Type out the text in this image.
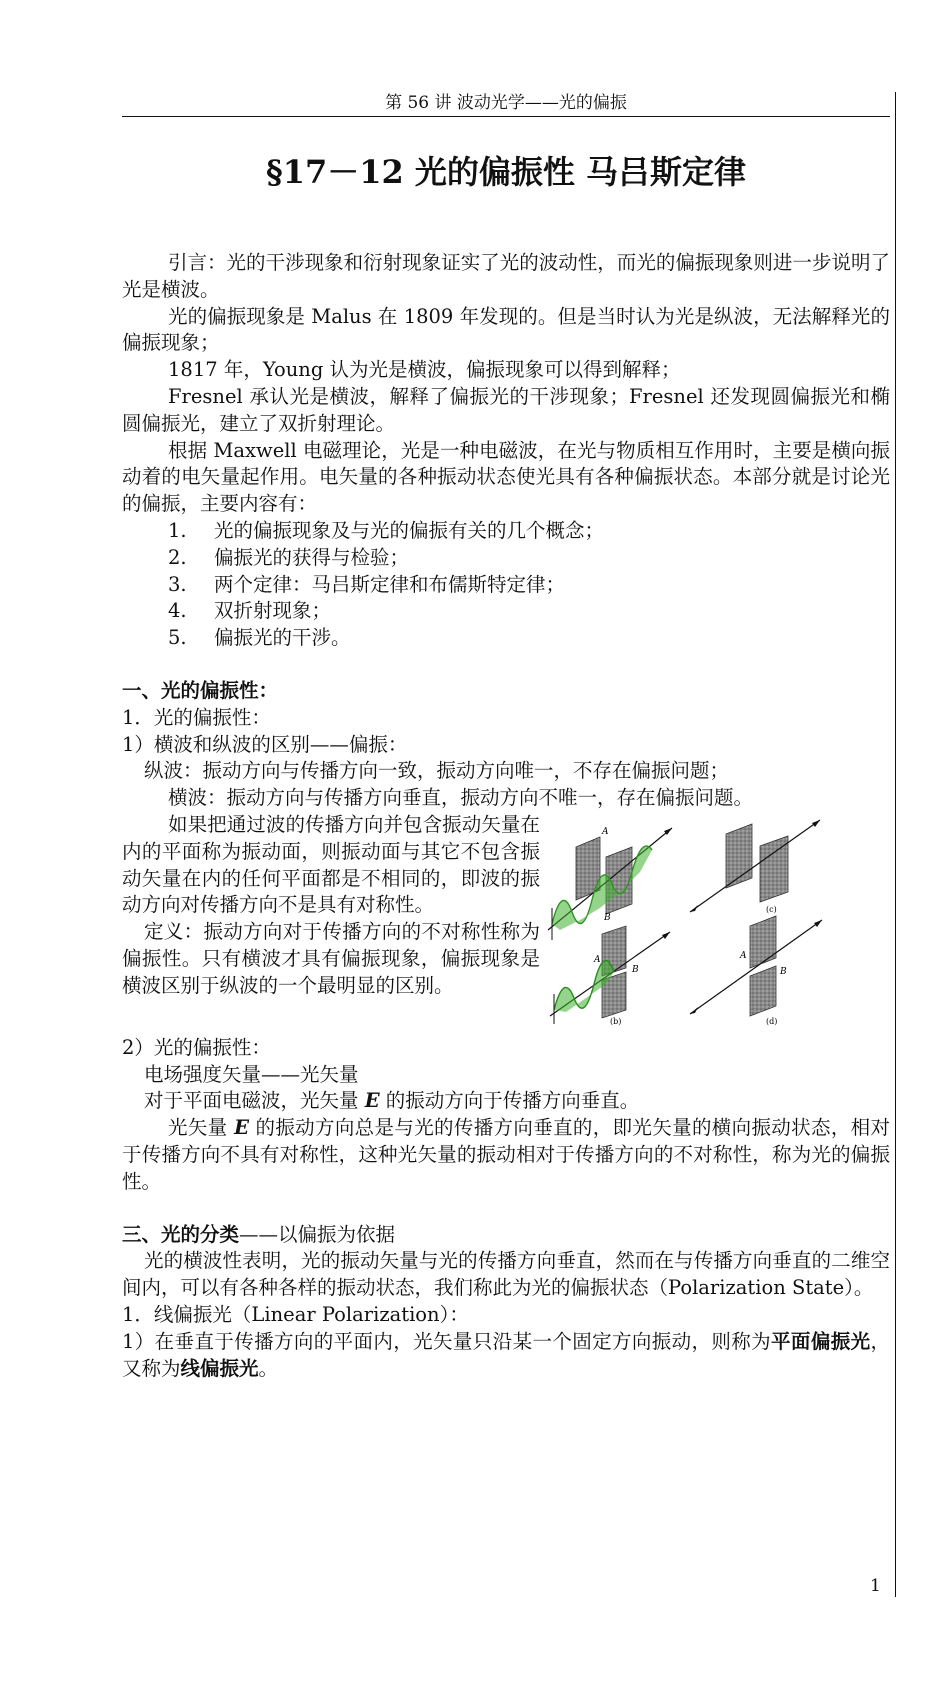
第 56 讲 波动光学——光的偏振
§17－12 光的偏振性 马吕斯定律

引言：光的干涉现象和衍射现象证实了光的波动性，而光的偏振现象则进一步说明了光是横波。

光的偏振现象是 Malus 在 1809 年发现的。但是当时认为光是纵波，无法解释光的偏振现象；

1817 年，Young 认为光是横波，偏振现象可以得到解释；

Fresnel 承认光是横波，解释了偏振光的干涉现象；Fresnel 还发现圆偏振光和椭圆偏振光，建立了双折射理论。

根据 Maxwell 电磁理论，光是一种电磁波，在光与物质相互作用时，主要是横向振动着的电矢量起作用。电矢量的各种振动状态使光具有各种偏振状态。本部分就是讨论光的偏振，主要内容有：

1. 光的偏振现象及与光的偏振有关的几个概念；
2. 偏振光的获得与检验；
3. 两个定律：马吕斯定律和布儒斯特定律；
4. 双折射现象；
5. 偏振光的干涉。

一、光的偏振性：

1．光的偏振性：

1）横波和纵波的区别——偏振：

纵波：振动方向与传播方向一致，振动方向唯一，不存在偏振问题；

横波：振动方向与传播方向垂直，振动方向不唯一，存在偏振问题。

如果把通过波的传播方向并包含振动矢量在内的平面称为振动面，则振动面与其它不包含振动矢量在内的任何平面都是不相同的，即波的振动方向对传播方向不是具有对称性。

定义：振动方向对于传播方向的不对称性称为偏振性。只有横波才具有偏振现象，偏振现象是横波区别于纵波的一个最明显的区别。

A
B
(c)
A
B
(b)
A
B
(d)

2）光的偏振性：

电场强度矢量——光矢量

对于平面电磁波，光矢量 E 的振动方向于传播方向垂直。

光矢量 E 的振动方向总是与光的传播方向垂直的，即光矢量的横向振动状态，相对于传播方向不具有对称性，这种光矢量的振动相对于传播方向的不对称性，称为光的偏振性。

三、光的分类——以偏振为依据

光的横波性表明，光的振动矢量与光的传播方向垂直，然而在与传播方向垂直的二维空间内，可以有各种各样的振动状态，我们称此为光的偏振状态（Polarization State）。

1．线偏振光（Linear Polarization）：

1）在垂直于传播方向的平面内，光矢量只沿某一个固定方向振动，则称为平面偏振光，又称为线偏振光。

1
